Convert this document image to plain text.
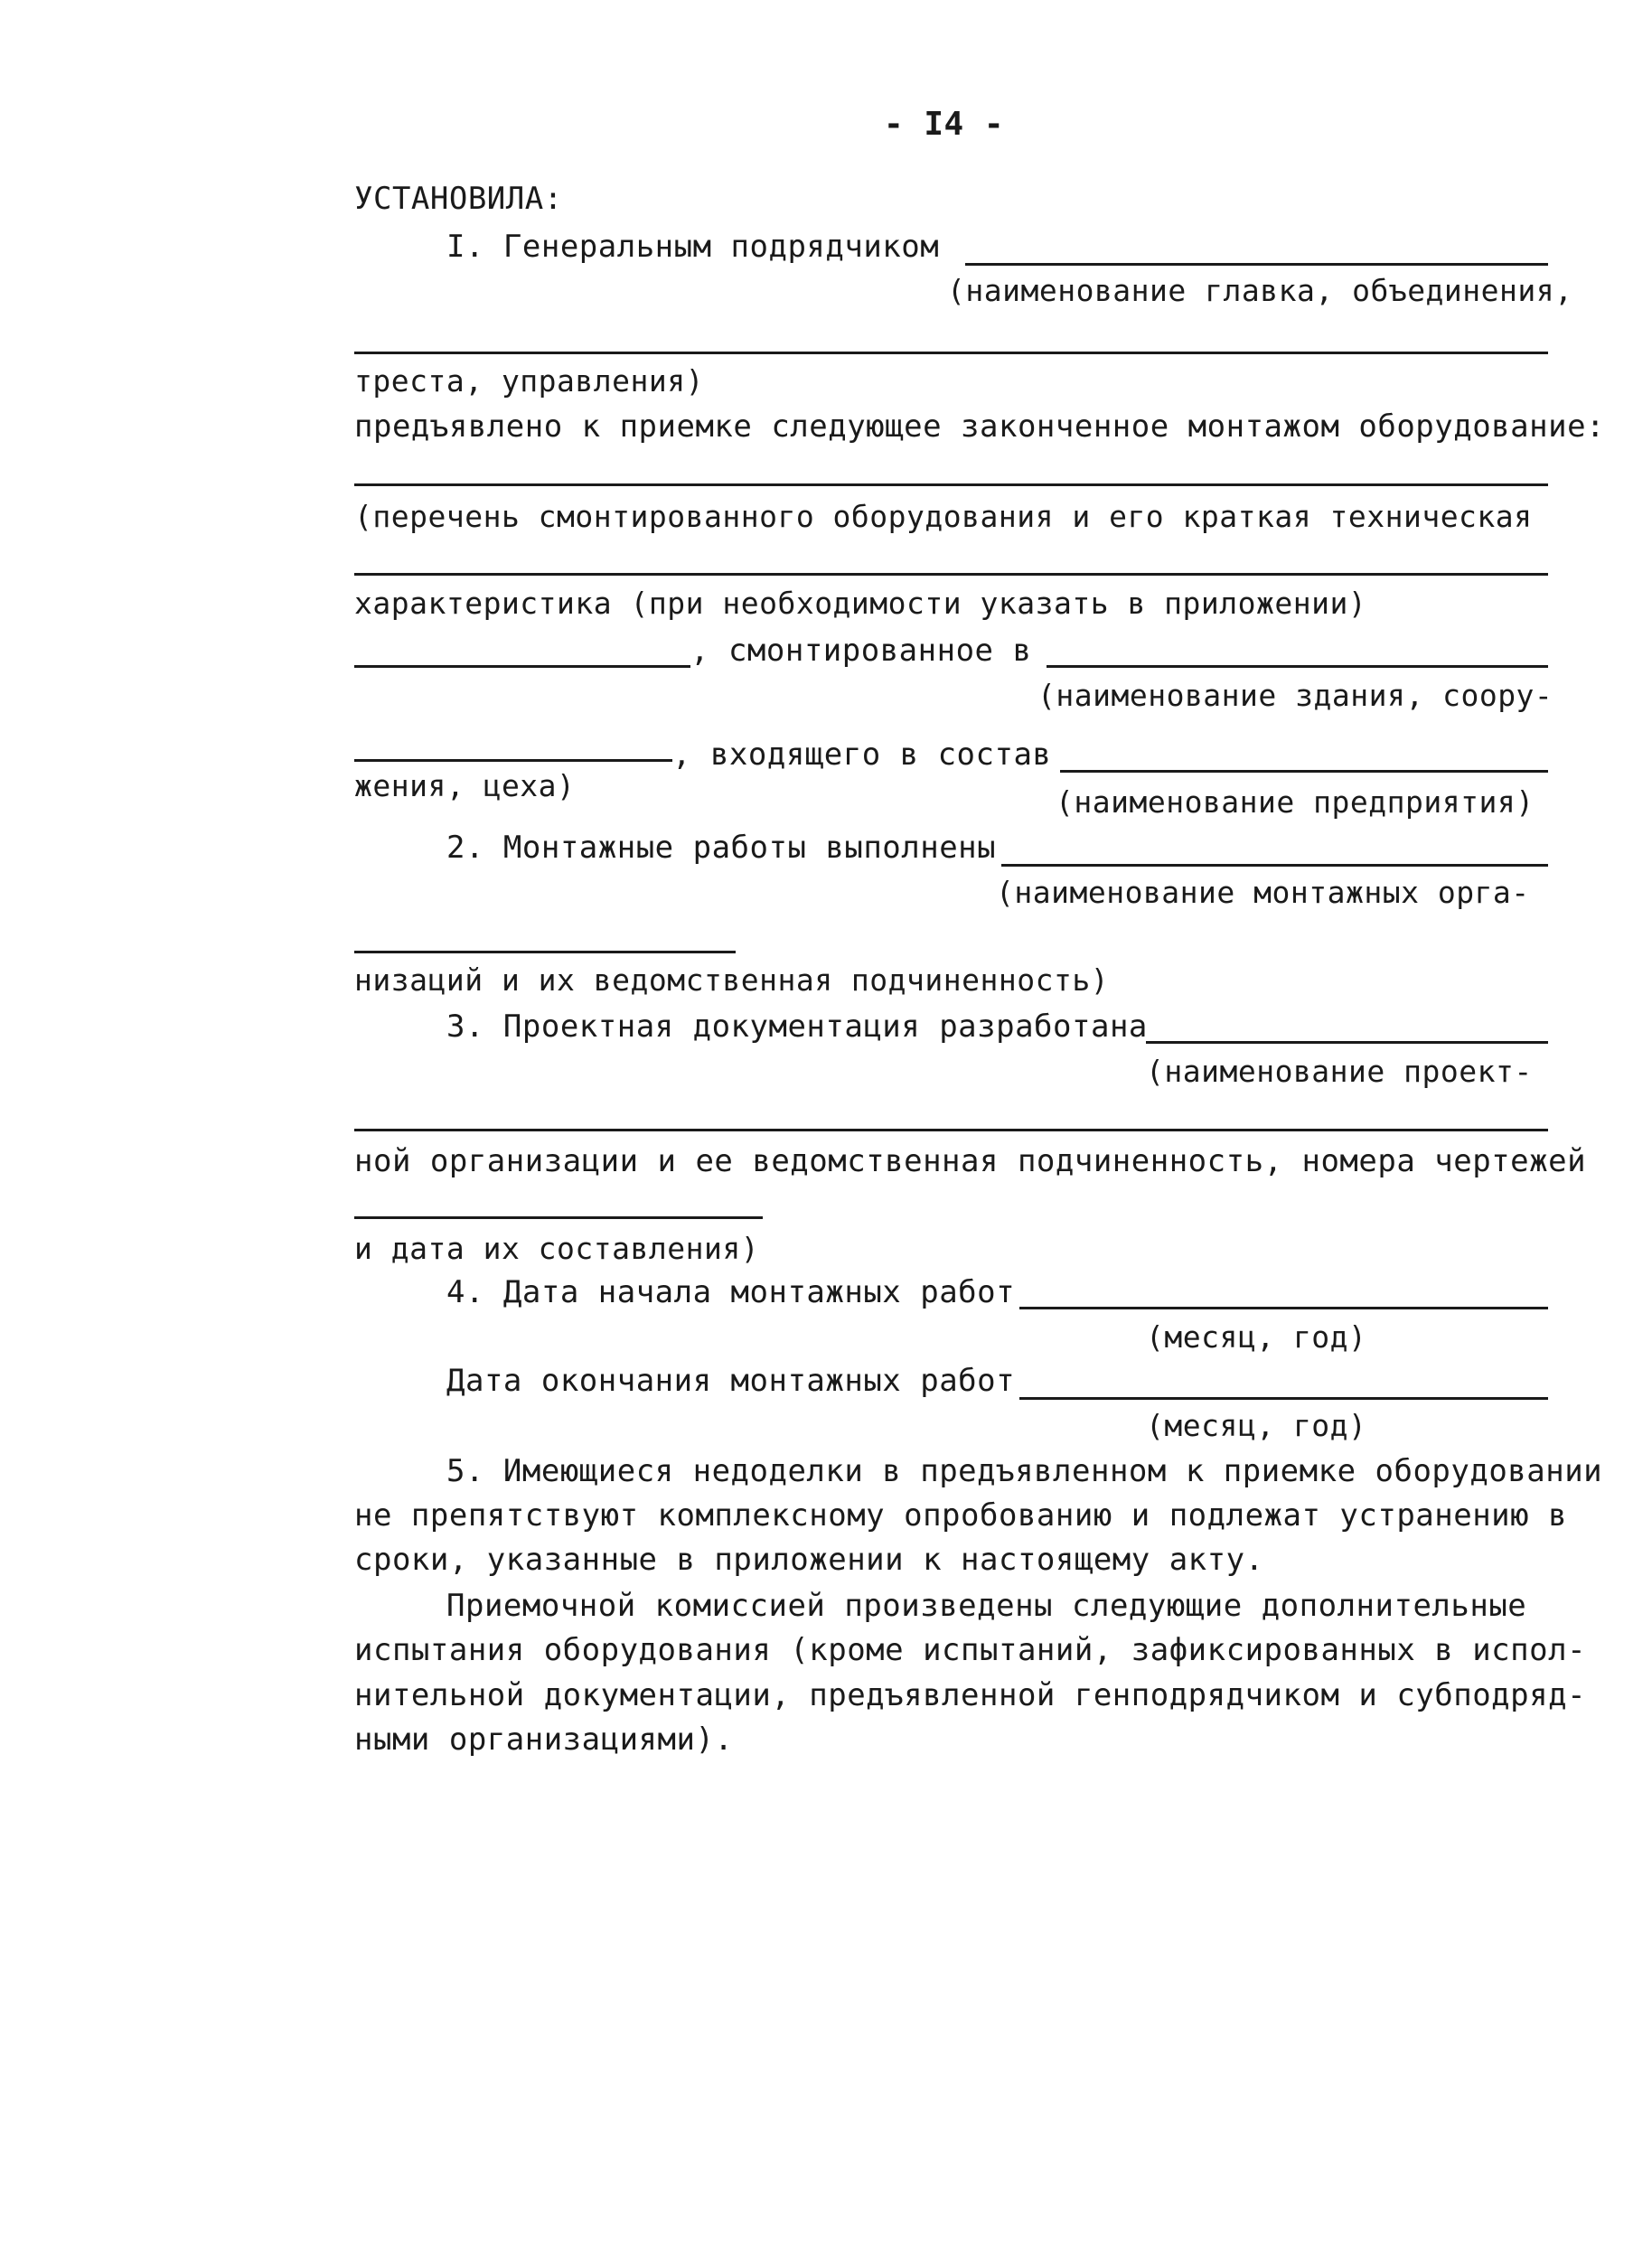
- I4 -
УСТАНОВИЛА:
I. Генеральным подрядчиком
(наименование главка, объединения,
треста, управления)
предъявлено к приемке следующее законченное монтажом оборудование:
(перечень смонтированного оборудования и его краткая техническая
характеристика (при необходимости указать в приложении)
, смонтированное в
(наименование здания, соору-
, входящего в состав
жения, цеха)	(наименование предприятия)
2. Монтажные работы выполнены
(наименование монтажных орга-
низаций и их ведомственная подчиненность)
3. Проектная документация разработана
(наименование проект-
ной организации и ее ведомственная подчиненность, номера чертежей
и дата их составления)
4. Дата начала монтажных работ
(месяц, год)
Дата окончания монтажных работ
(месяц, год)
5. Имеющиеся недоделки в предъявленном к приемке оборудовании
не препятствуют комплексному опробованию и подлежат устранению в
сроки, указанные в приложении к настоящему акту.
Приемочной комиссией произведены следующие дополнительные
испытания оборудования (кроме испытаний, зафиксированных в испол-
нительной документации, предъявленной генподрядчиком и субподряд-
ными организациями).
